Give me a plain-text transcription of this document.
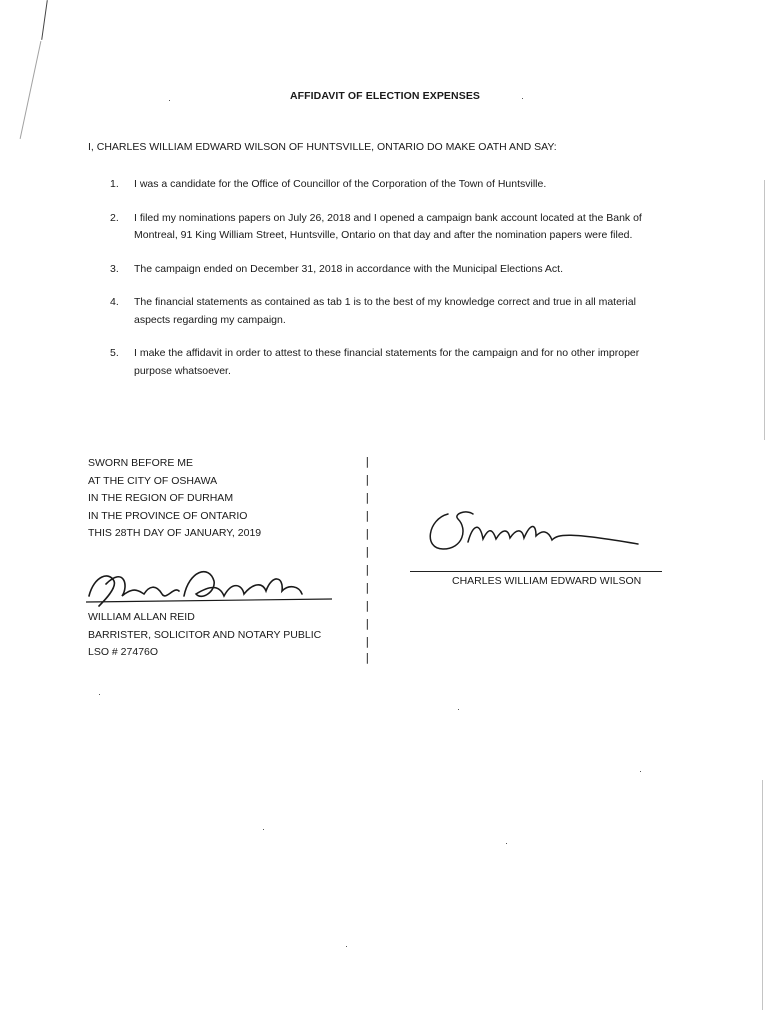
AFFIDAVIT OF ELECTION EXPENSES
I, CHARLES WILLIAM EDWARD WILSON OF HUNTSVILLE, ONTARIO DO MAKE OATH AND SAY:
1. I was a candidate for the Office of Councillor of the Corporation of the Town of Huntsville.
2. I filed my nominations papers on July 26, 2018 and I opened a campaign bank account located at the Bank of Montreal, 91 King William Street, Huntsville, Ontario on that day and after the nomination papers were filed.
3. The campaign ended on December 31, 2018 in accordance with the Municipal Elections Act.
4. The financial statements as contained as tab 1 is to the best of my knowledge correct and true in all material aspects regarding my campaign.
5. I make the affidavit in order to attest to these financial statements for the campaign and for no other improper purpose whatsoever.
SWORN BEFORE ME
AT THE CITY OF OSHAWA
IN THE REGION OF DURHAM
IN THE PROVINCE OF ONTARIO
THIS 28TH DAY OF JANUARY, 2019
|
|
|
|
|
|
|
|
|
|
|
|
WILLIAM ALLAN REID
BARRISTER, SOLICITOR AND NOTARY PUBLIC
LSO # 27476O
CHARLES WILLIAM EDWARD WILSON
